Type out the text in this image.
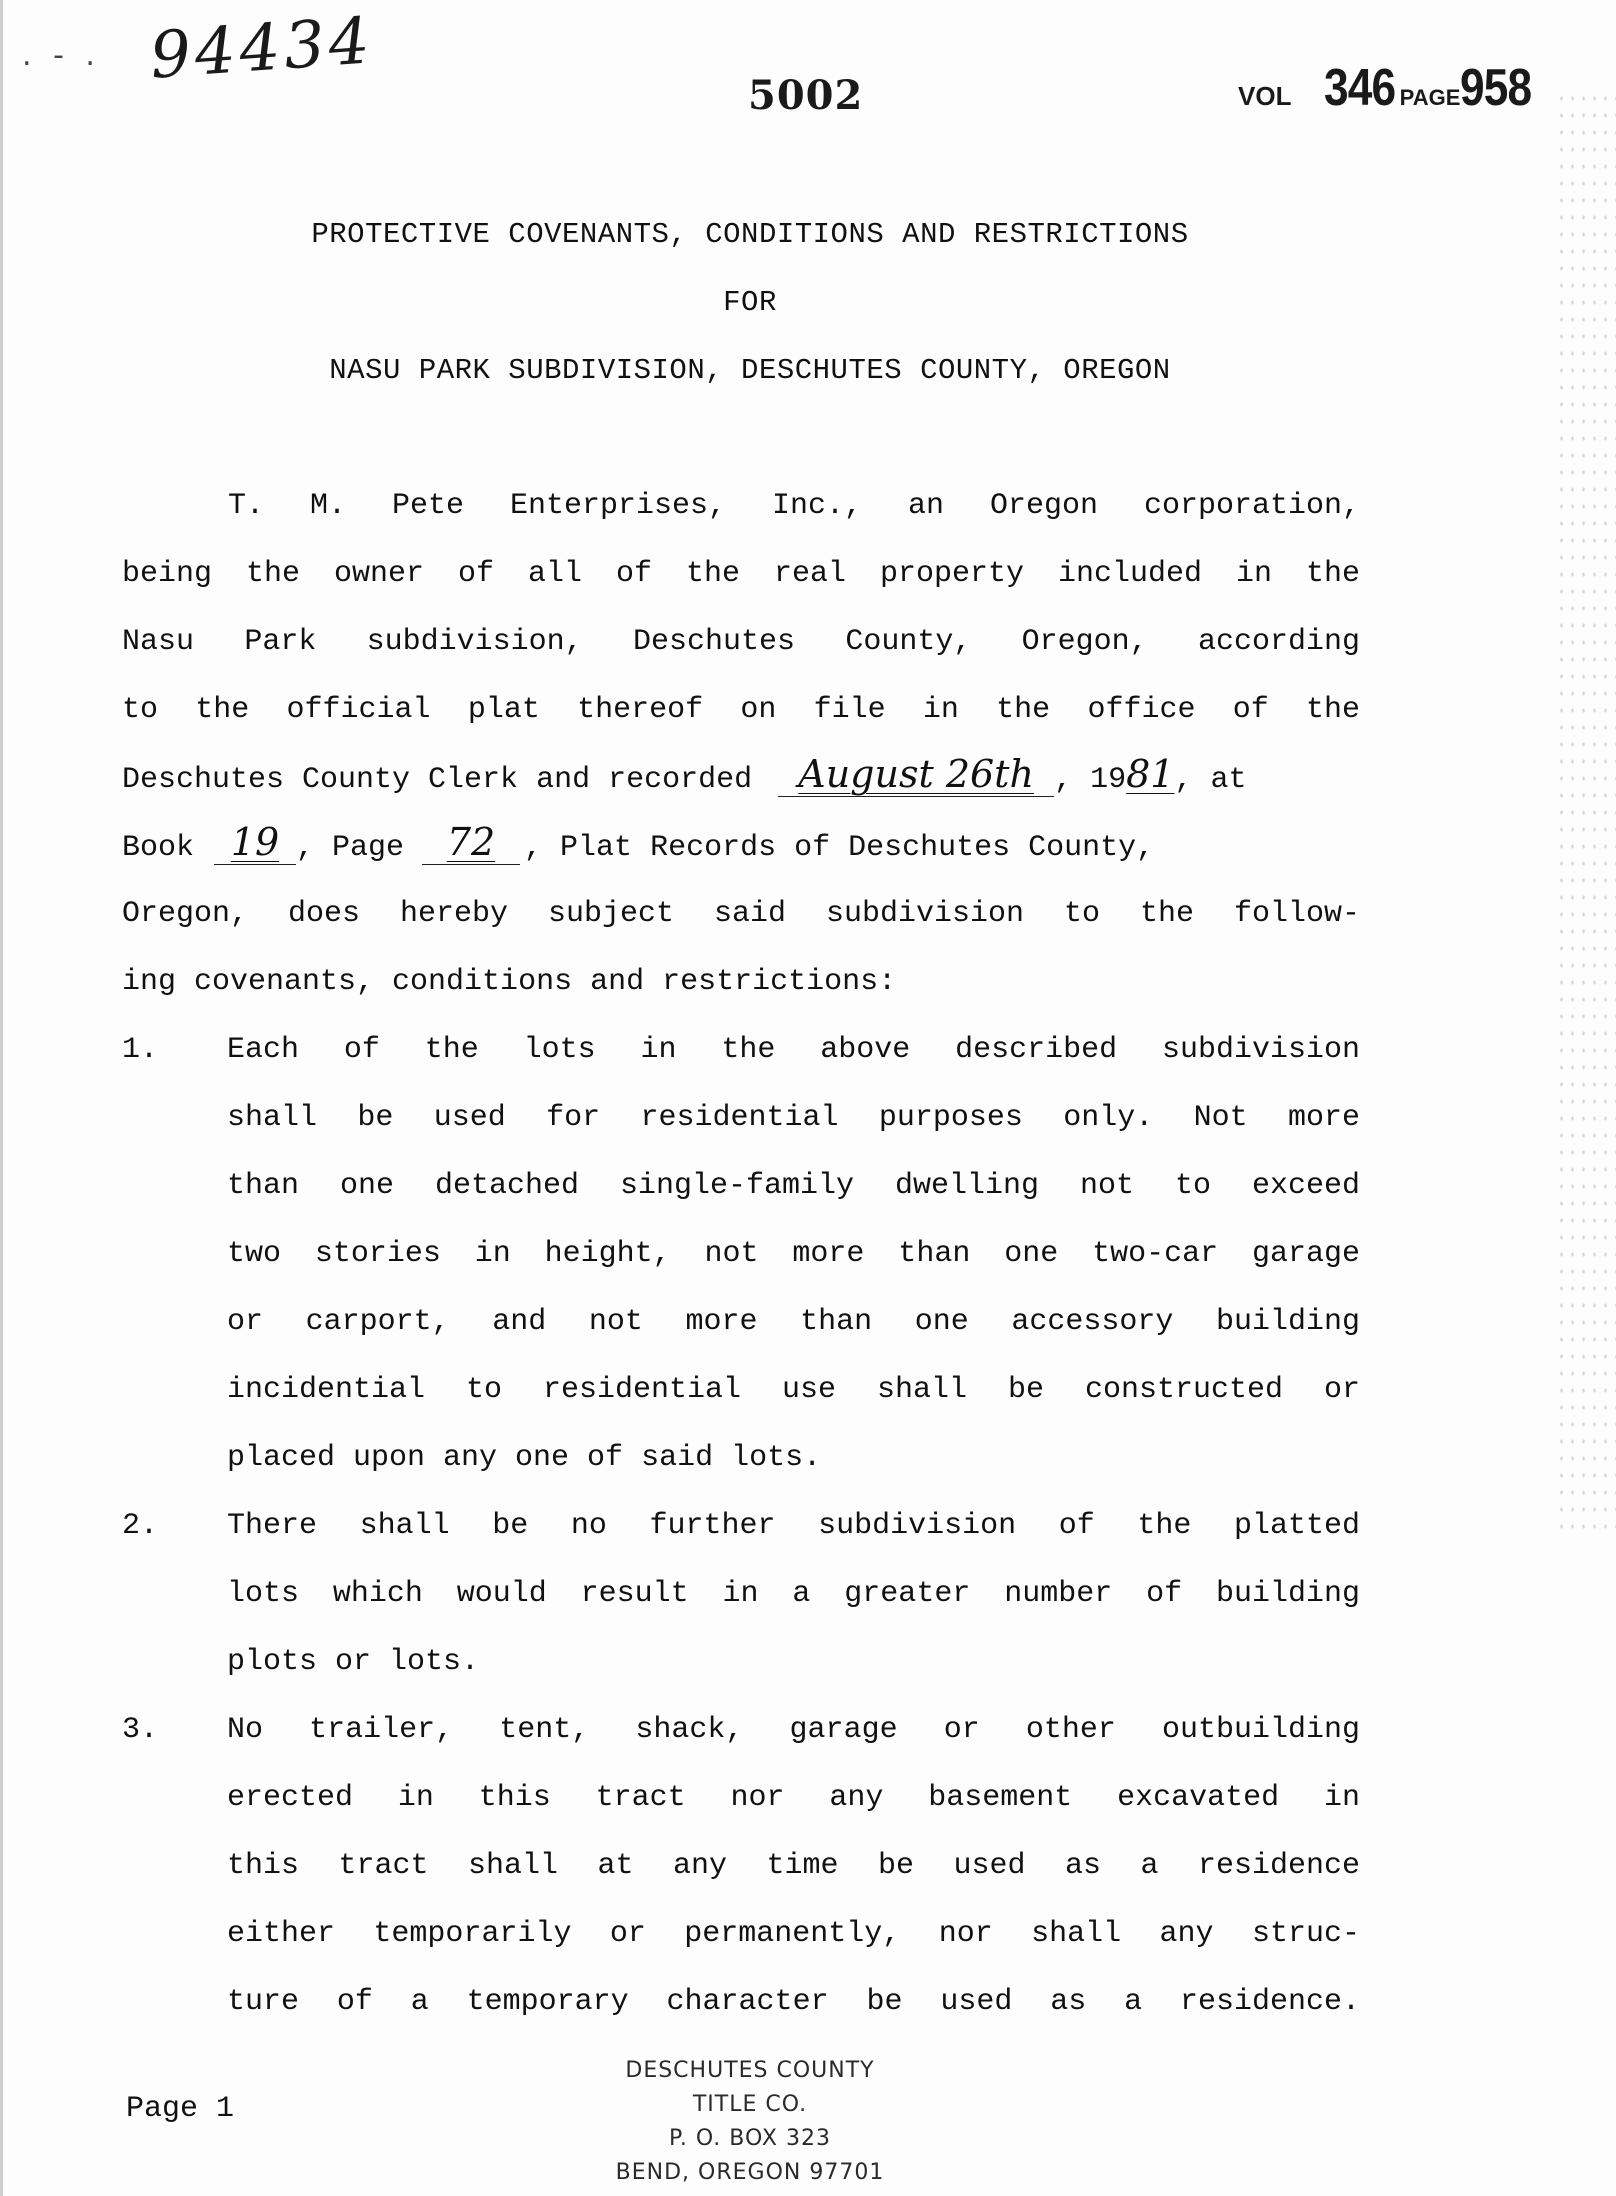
. - . 94434
5002	VOL 346 PAGE958
PROTECTIVE COVENANTS, CONDITIONS AND RESTRICTIONS
FOR
NASU PARK SUBDIVISION, DESCHUTES COUNTY, OREGON
T. M. Pete Enterprises, Inc., an Oregon corporation,
being the owner of all of the real property included in the
Nasu Park subdivision, Deschutes County, Oregon, according
to the official plat thereof on file in the office of the
Deschutes County Clerk and recorded August 26th , 1981, at
Book 19 , Page 72 , Plat Records of Deschutes County,
Oregon, does hereby subject said subdivision to the follow-
ing covenants, conditions and restrictions:
1. Each of the lots in the above described subdivision
shall be used for residential purposes only. Not more
than one detached single-family dwelling not to exceed
two stories in height, not more than one two-car garage
or carport, and not more than one accessory building
incidential to residential use shall be constructed or
placed upon any one of said lots.
2. There shall be no further subdivision of the platted
lots which would result in a greater number of building
plots or lots.
3. No trailer, tent, shack, garage or other outbuilding
erected in this tract nor any basement excavated in
this tract shall at any time be used as a residence
either temporarily or permanently, nor shall any struc-
ture of a temporary character be used as a residence.
Page 1
DESCHUTES COUNTY TITLE CO.
P. O. BOX 323
BEND, OREGON 97701
